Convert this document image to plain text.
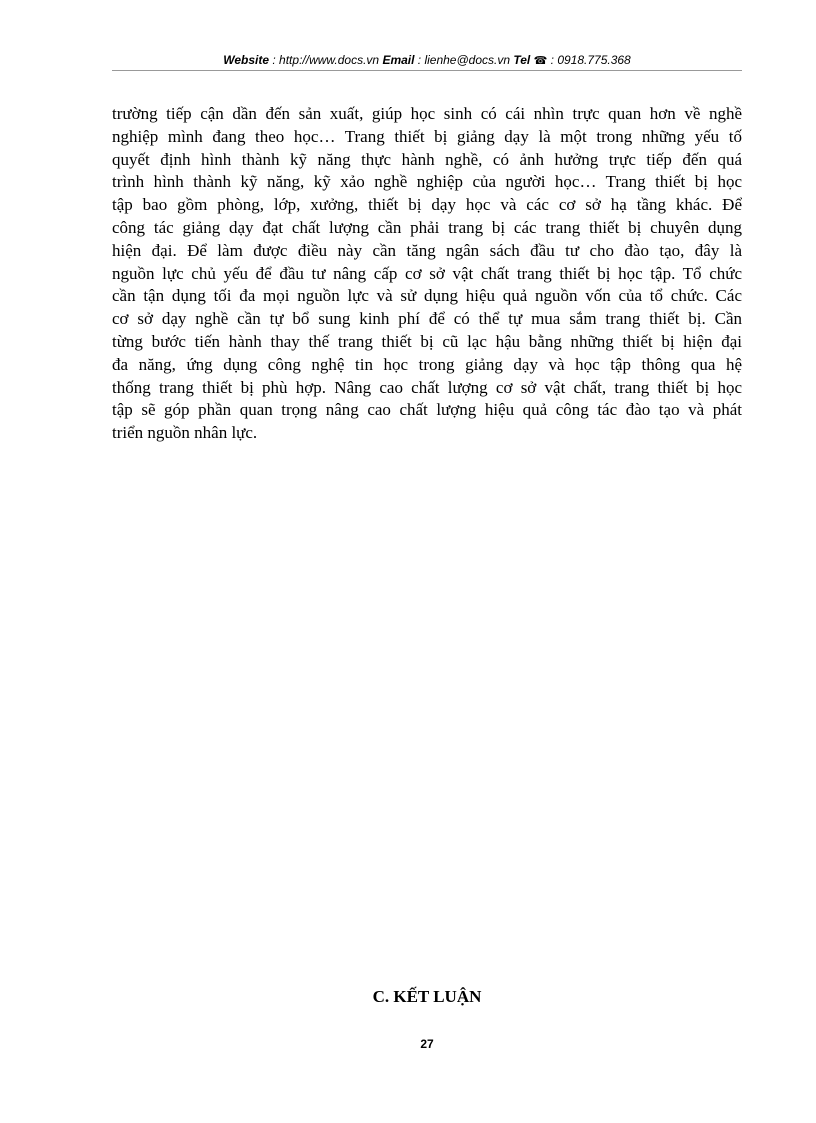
Website : http://www.docs.vn Email : lienhe@docs.vn Tel ☎ : 0918.775.368
trường tiếp cận dần đến sản xuất, giúp học sinh có cái nhìn trực quan hơn về nghề
nghiệp mình đang theo học… Trang thiết bị giảng dạy là một trong những yếu tố
quyết định hình thành kỹ năng thực hành nghề, có ảnh hưởng trực tiếp đến quá
trình hình thành kỹ năng, kỹ xảo nghề nghiệp của người học… Trang thiết bị học
tập bao gồm phòng, lớp, xưởng, thiết bị dạy học và các cơ sở hạ tầng khác. Để
công tác giảng dạy đạt chất lượng cần phải trang bị các trang thiết bị chuyên dụng
hiện đại. Để làm được điều này cần tăng ngân sách đầu tư cho đào tạo, đây là
nguồn lực chủ yếu để đầu tư nâng cấp cơ sở vật chất trang thiết bị học tập. Tổ chức
cần tận dụng tối đa mọi nguồn lực và sử dụng hiệu quả nguồn vốn của tổ chức. Các
cơ sở dạy nghề cần tự bổ sung kinh phí để có thể tự mua sắm trang thiết bị. Cần
từng bước tiến hành thay thế trang thiết bị cũ lạc hậu bằng những thiết bị hiện đại
đa năng, ứng dụng công nghệ tin học trong giảng dạy và học tập thông qua hệ
thống trang thiết bị phù hợp. Nâng cao chất lượng cơ sở vật chất, trang thiết bị học
tập sẽ góp phần quan trọng nâng cao chất lượng hiệu quả công tác đào tạo và phát
triển nguồn nhân lực.
C. KẾT LUẬN
27
